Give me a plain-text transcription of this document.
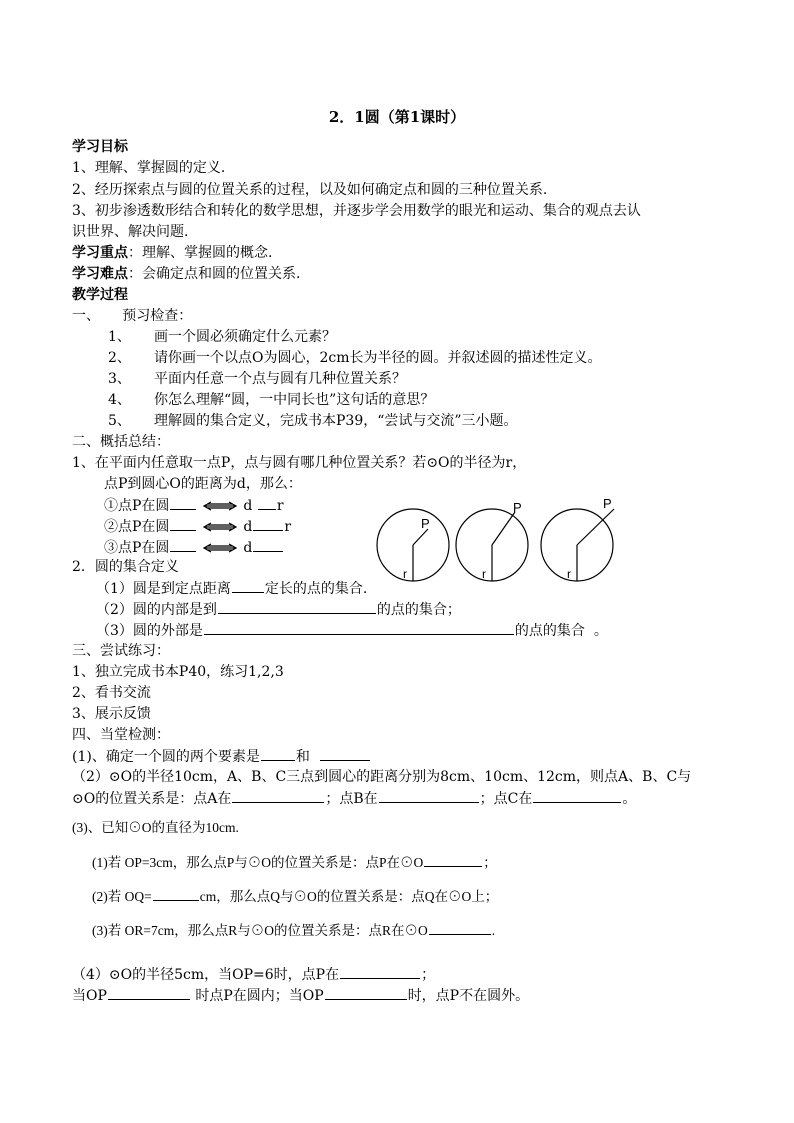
2．1圆（第1课时）
学习目标
1、理解、掌握圆的定义.
2、经历探索点与圆的位置关系的过程，以及如何确定点和圆的三种位置关系.
3、初步渗透数形结合和转化的数学思想，并逐步学会用数学的眼光和运动、集合的观点去认
识世界、解决问题.
学习重点：理解、掌握圆的概念.
学习难点：会确定点和圆的位置关系.
教学过程
一、     预习检查：
1、 画一个圆必须确定什么元素？
2、 请你画一个以点O为圆心，2cm长为半径的圆。并叙述圆的描述性定义。
3、 平面内任意一个点与圆有几种位置关系？
4、 你怎么理解“圆，一中同长也”这句话的意思？
5、 理解圆的集合定义，完成书本P39，“尝试与交流”三小题。
二、概括总结：
1、在平面内任意取一点P，点与圆有哪几种位置关系？若⊙O的半径为r，
点P到圆心O的距离为d，那么：
①点P在圆	d r
②点P在圆	d r
③点P在圆	d
P
r
P
r
P
r
2．圆的集合定义
（1）圆是到定点距离 定长的点的集合.
（2）圆的内部是到	的点的集合；
（3）圆的外部是	的点的集合  。
三、尝试练习：
1、独立完成书本P40，练习1,2,3
2、看书交流
3、展示反馈
四、当堂检测：
(1)、确定一个圆的两个要素是	和
（2）⊙O的半径10cm，A、B、C三点到圆心的距离分别为8cm、10cm、12cm，则点A、B、C与
⊙O的位置关系是：点A在	；点B在	；点C在	。
(3)、已知⊙O的直径为10cm.
(1)若 OP=3cm，那么点P与⊙O的位置关系是：点P在⊙O	；
(2)若 OQ=	cm，那么点Q与⊙O的位置关系是：点Q在⊙O上；
(3)若 OR=7cm，那么点R与⊙O的位置关系是：点R在⊙O	.
（4）⊙O的半径5cm，当OP=6时，点P在	；
当OP	时点P在圆内；当OP	时，点P不在圆外。
